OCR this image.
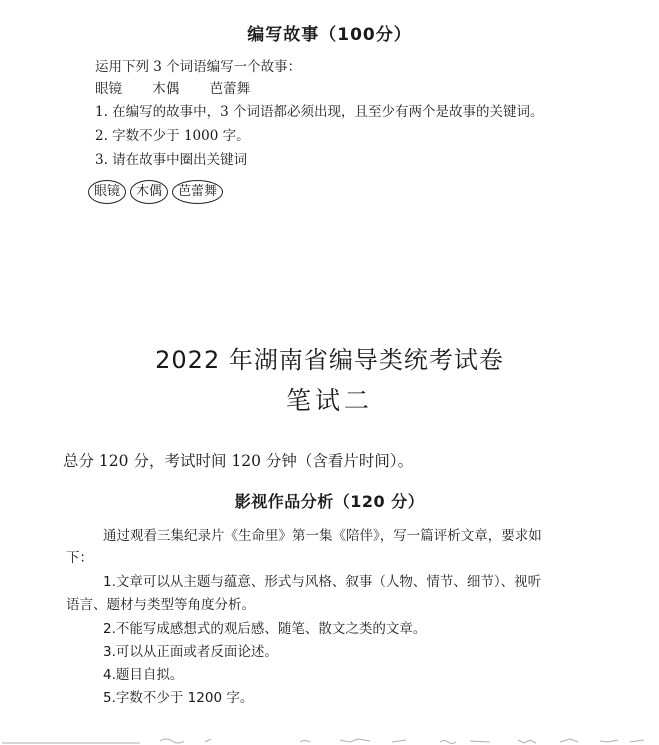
编写故事（100分）
运用下列 3 个词语编写一个故事：
眼镜 木偶 芭蕾舞
1. 在编写的故事中，3 个词语都必须出现，且至少有两个是故事的关键词。
2. 字数不少于 1000 字。
3. 请在故事中圈出关键词
眼镜	木偶	芭蕾舞
2022 年湖南省编导类统考试卷
笔试二
总分 120 分，考试时间 120 分钟（含看片时间）。
影视作品分析（120 分）
通过观看三集纪录片《生命里》第一集《陪伴》，写一篇评析文章，要求如
下：
1.文章可以从主题与蕴意、形式与风格、叙事（人物、情节、细节）、视听
语言、题材与类型等角度分析。
2.不能写成感想式的观后感、随笔、散文之类的文章。
3.可以从正面或者反面论述。
4.题目自拟。
5.字数不少于 1200 字。
